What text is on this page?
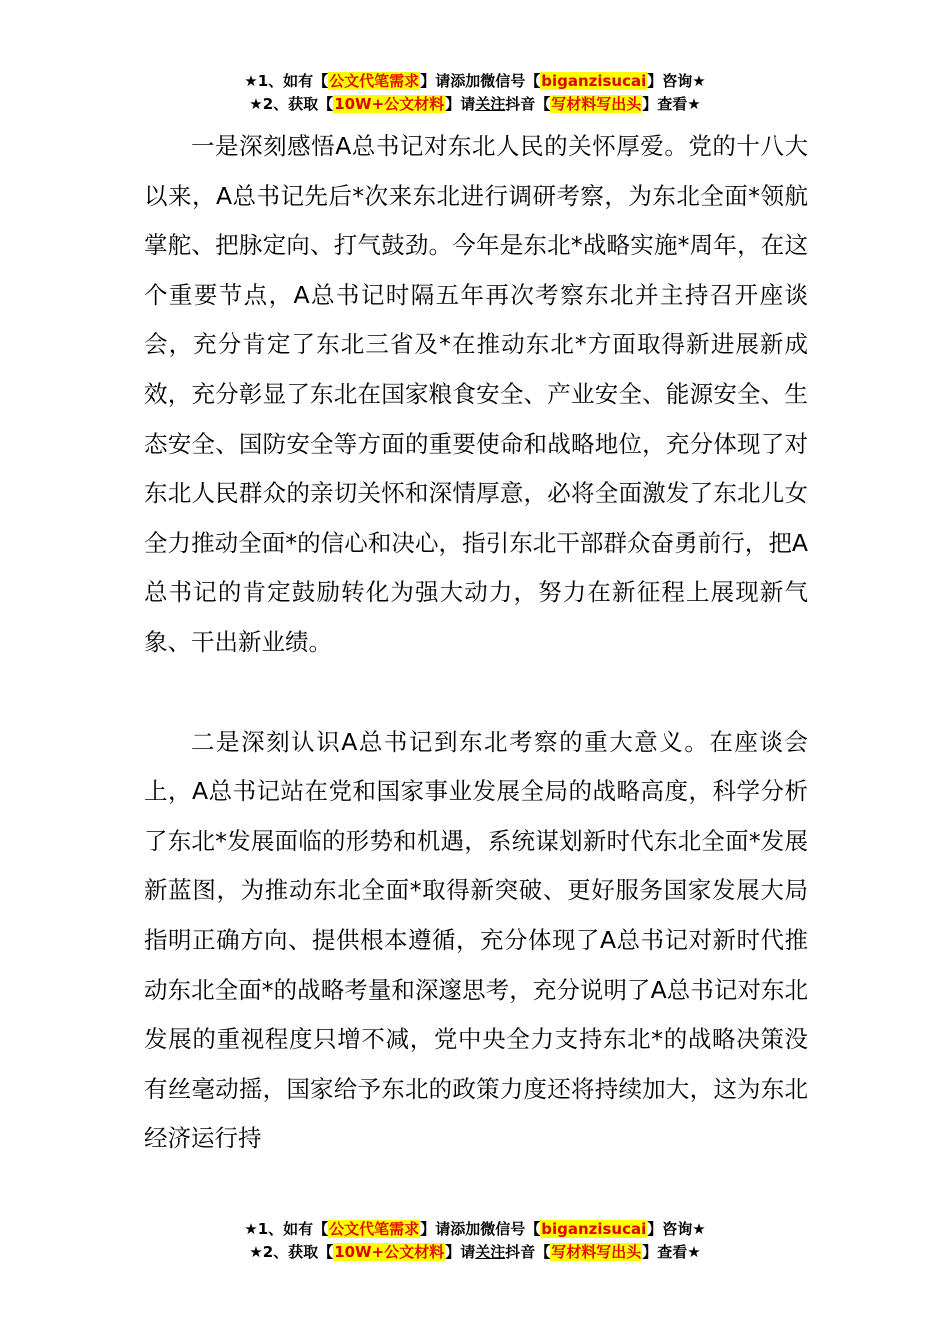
★1、如有【公文代笔需求】请添加微信号【biganzisucai】咨询★
★2、获取【10W+公文材料】请关注抖音【写材料写出头】查看★

一是深刻感悟A总书记对东北人民的关怀厚爱。党的十八大以来，A总书记先后*次来东北进行调研考察，为东北全面*领航掌舵、把脉定向、打气鼓劲。今年是东北*战略实施*周年，在这个重要节点，A总书记时隔五年再次考察东北并主持召开座谈会，充分肯定了东北三省及*在推动东北*方面取得新进展新成效，充分彰显了东北在国家粮食安全、产业安全、能源安全、生态安全、国防安全等方面的重要使命和战略地位，充分体现了对东北人民群众的亲切关怀和深情厚意，必将全面激发了东北儿女全力推动全面*的信心和决心，指引东北干部群众奋勇前行，把A总书记的肯定鼓励转化为强大动力，努力在新征程上展现新气象、干出新业绩。

二是深刻认识A总书记到东北考察的重大意义。在座谈会上，A总书记站在党和国家事业发展全局的战略高度，科学分析了东北*发展面临的形势和机遇，系统谋划新时代东北全面*发展新蓝图，为推动东北全面*取得新突破、更好服务国家发展大局指明正确方向、提供根本遵循，充分体现了A总书记对新时代推动东北全面*的战略考量和深邃思考，充分说明了A总书记对东北发展的重视程度只增不减，党中央全力支持东北*的战略决策没有丝毫动摇，国家给予东北的政策力度还将持续加大，这为东北经济运行持

★1、如有【公文代笔需求】请添加微信号【biganzisucai】咨询★
★2、获取【10W+公文材料】请关注抖音【写材料写出头】查看★
